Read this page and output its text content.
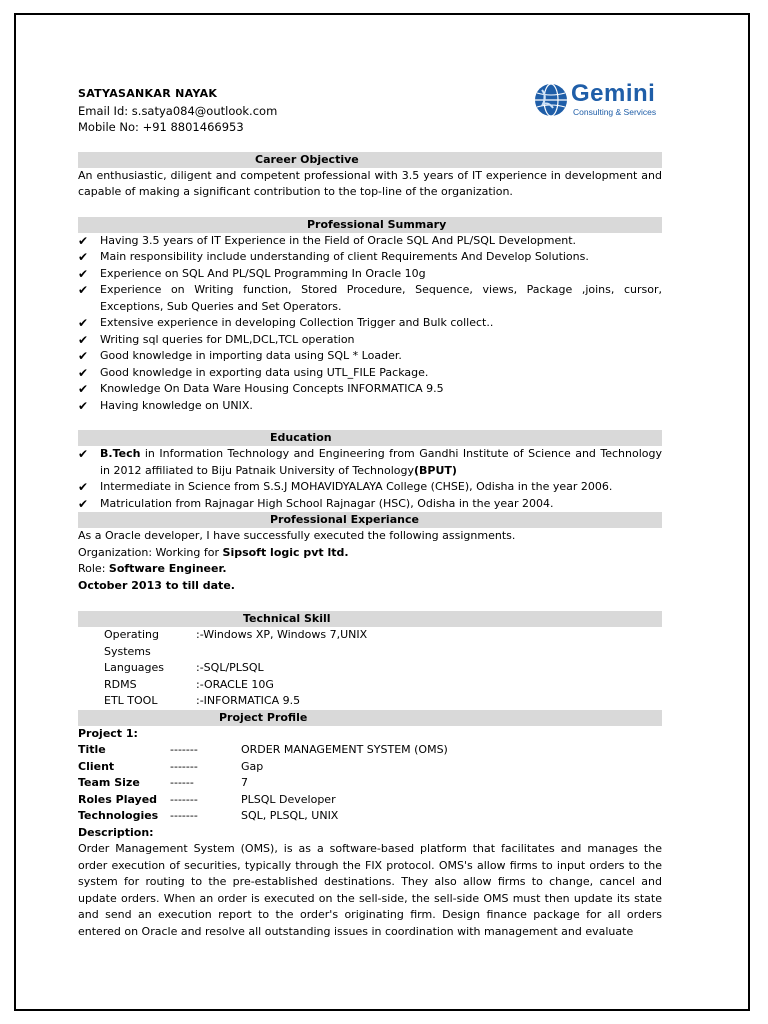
Gemini
Consulting & Services
SATYASANKAR NAYAK
Email Id: s.satya084@outlook.com
Mobile No: +91 8801466953
Career Objective
An enthusiastic, diligent and competent professional with 3.5 years of IT experience in development and capable of making a significant contribution to the top-line of the organization.
Professional Summary
✔ Having 3.5 years of IT Experience in the Field of Oracle SQL And PL/SQL Development.
✔ Main responsibility include understanding of client Requirements And Develop Solutions.
✔ Experience on SQL And PL/SQL Programming In Oracle 10g
✔ Experience on Writing function, Stored Procedure, Sequence, views, Package ,joins, cursor, Exceptions, Sub Queries and Set Operators.
✔ Extensive experience in developing Collection Trigger and Bulk collect..
✔ Writing sql queries for DML,DCL,TCL operation
✔ Good knowledge in importing data using SQL * Loader.
✔ Good knowledge in exporting data using UTL_FILE Package.
✔ Knowledge On Data Ware Housing Concepts INFORMATICA 9.5
✔ Having knowledge on UNIX.
Education
✔ B.Tech in Information Technology and Engineering from Gandhi Institute of Science and Technology in 2012 affiliated to Biju Patnaik University of Technology(BPUT)
✔ Intermediate in Science from S.S.J MOHAVIDYALAYA College (CHSE), Odisha in the year 2006.
✔ Matriculation from Rajnagar High School Rajnagar (HSC), Odisha in the year 2004.
Professional Experiance
As a Oracle developer, I have successfully executed the following assignments.
Organization: Working for Sipsoft logic pvt ltd.
Role: Software Engineer.
October 2013 to till date.
Technical Skill
Operating Systems
:-Windows XP, Windows 7,UNIX
Languages	:-SQL/PLSQL
RDMS	:-ORACLE 10G
ETL TOOL	:-INFORMATICA 9.5
Project Profile
Project 1:
Title	-------	ORDER MANAGEMENT SYSTEM (OMS)
Client	-------	Gap
Team Size	------	7
Roles Played	-------	PLSQL Developer
Technologies	-------	SQL, PLSQL, UNIX
Description:
Order Management System (OMS), is as a software-based platform that facilitates and manages the order execution of securities, typically through the FIX protocol. OMS's allow firms to input orders to the system for routing to the pre-established destinations. They also allow firms to change, cancel and update orders. When an order is executed on the sell-side, the sell-side OMS must then update its state and send an execution report to the order's originating firm. Design finance package for all orders entered on Oracle and resolve all outstanding issues in coordination with management and evaluate
